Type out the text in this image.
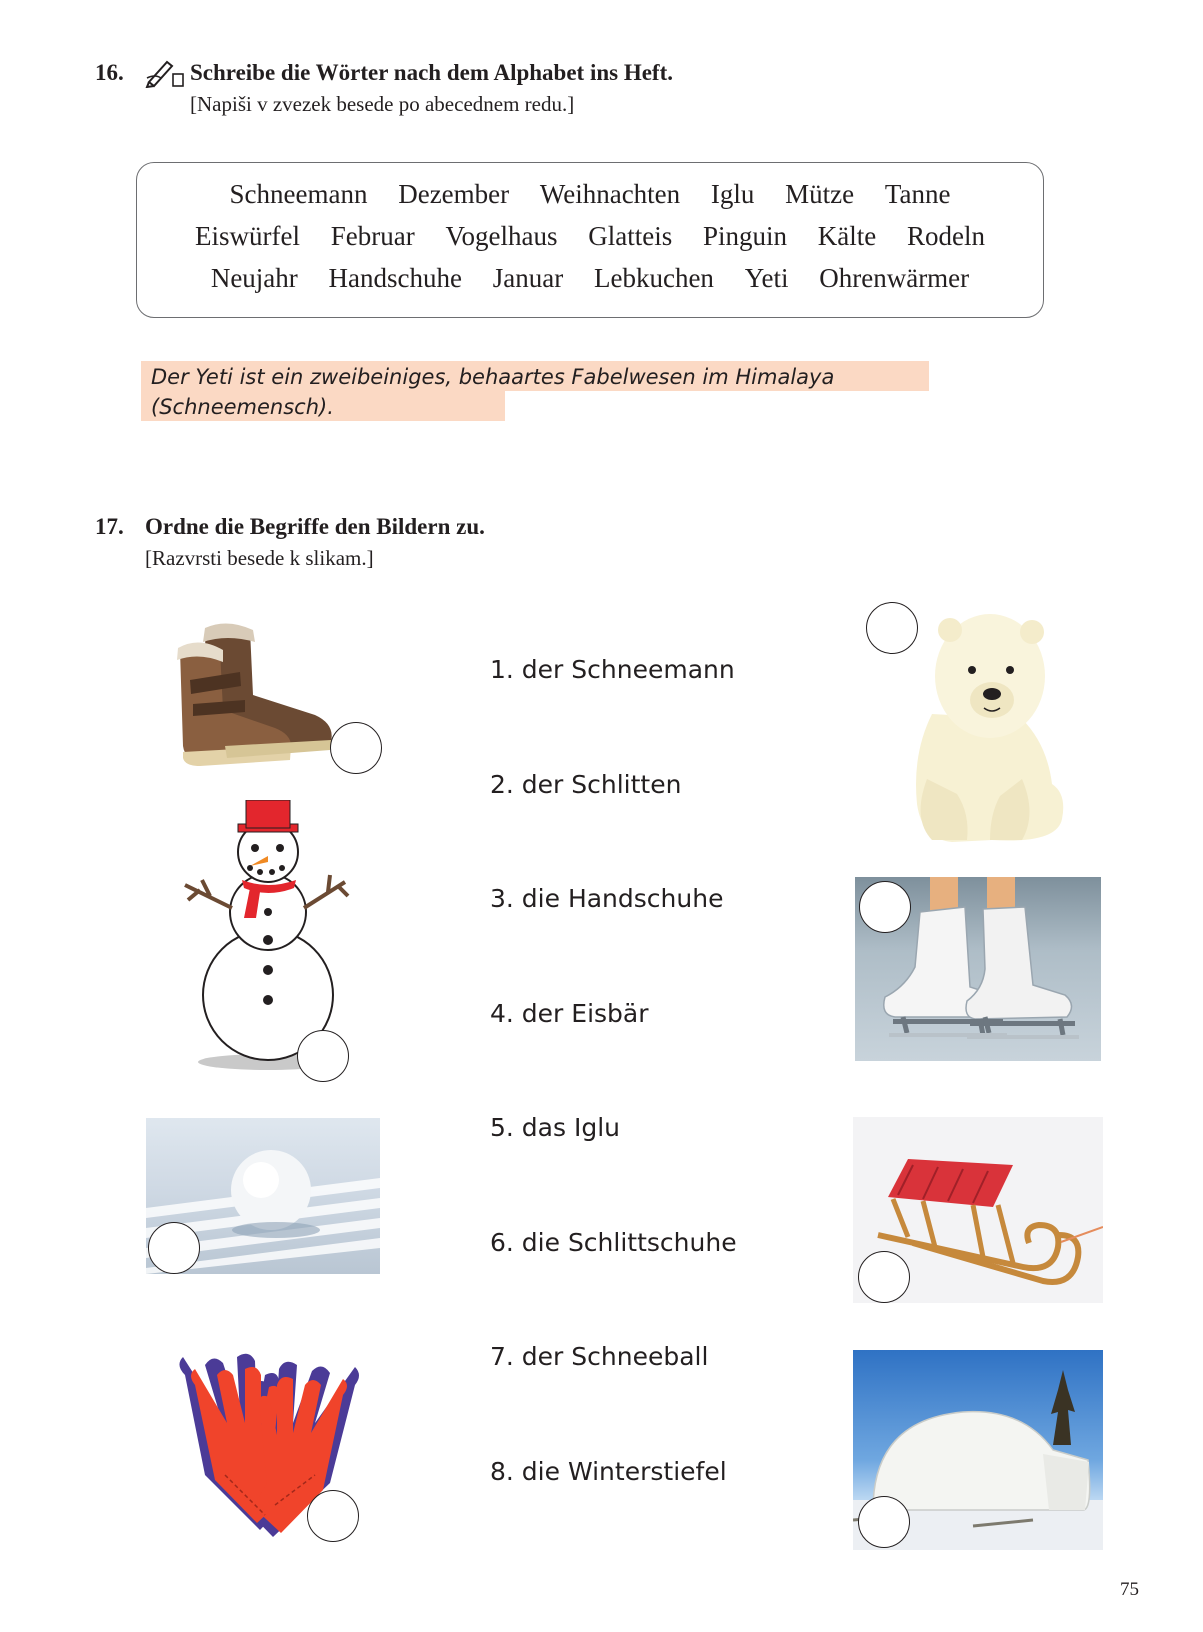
16.	Schreibe die Wörter nach dem Alphabet ins Heft.
[Napiši v zvezek besede po abecednem redu.]
Schneemann Dezember Weihnachten Iglu Mütze Tanne
Eiswürfel Februar Vogelhaus Glatteis Pinguin Kälte Rodeln
Neujahr Handschuhe Januar Lebkuchen Yeti Ohrenwärmer
Der Yeti ist ein zweibeiniges, behaartes Fabelwesen im Himalaya
(Schneemensch).
17. Ordne die Begriffe den Bildern zu.
[Razvrsti besede k slikam.]
1. der Schneemann
2. der Schlitten
3. die Handschuhe
4. der Eisbär
5. das Iglu
6. die Schlittschuhe
7. der Schneeball
8. die Winterstiefel
75
